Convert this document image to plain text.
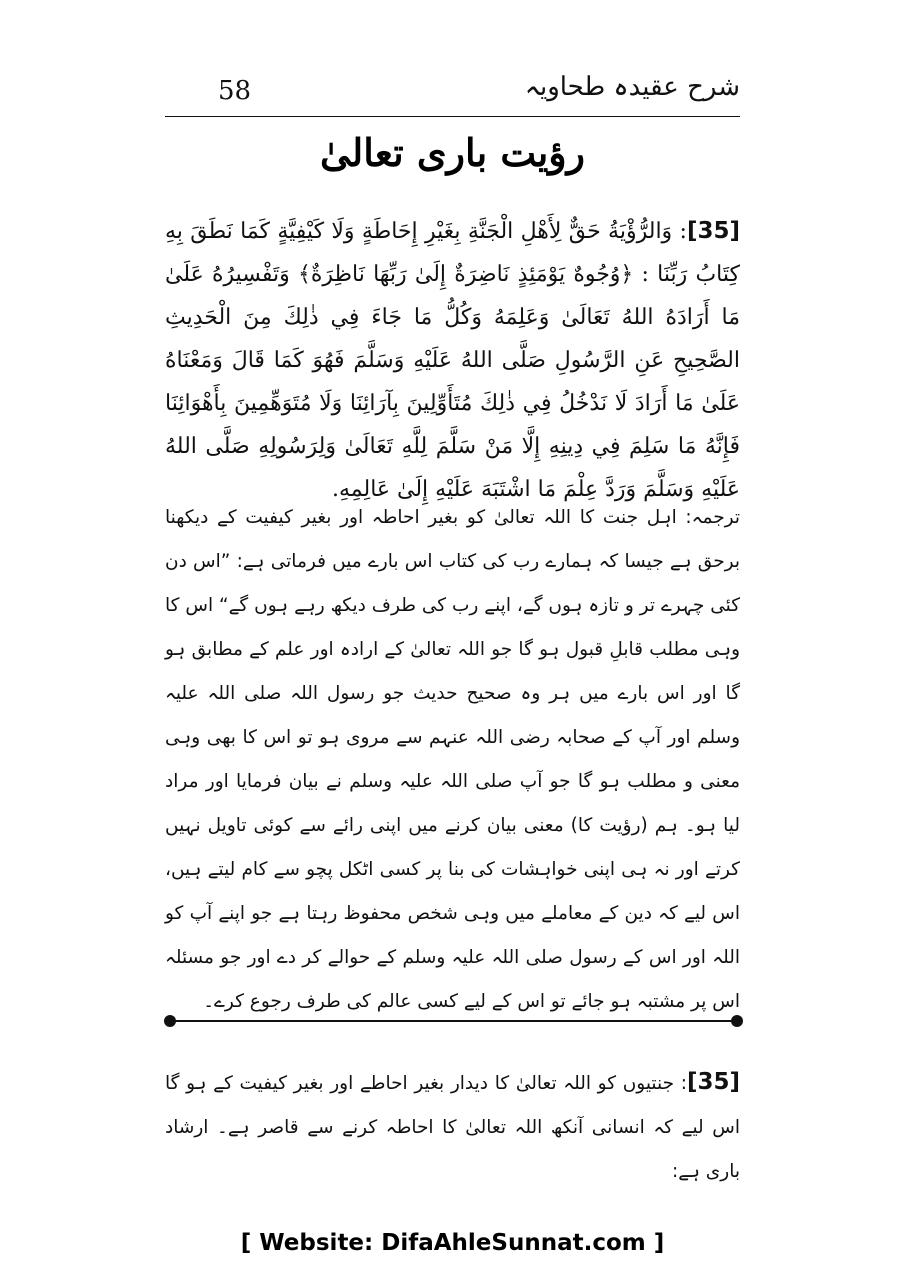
58	شرح عقیدہ طحاویہ
رؤیت باری تعالیٰ
[35]: وَالرُّؤْيَةُ حَقٌّ لِأَهْلِ الْجَنَّةِ بِغَيْرِ إِحَاطَةٍ وَلَا كَيْفِيَّةٍ كَمَا نَطَقَ بِهِ كِتَابُ رَبِّنَا : ﴿وُجُوهٌ يَوْمَئِذٍ نَاضِرَةٌ إِلَىٰ رَبِّهَا نَاظِرَةٌ﴾ وَتَفْسِيرُهُ عَلَىٰ مَا أَرَادَهُ اللهُ تَعَالَىٰ وَعَلِمَهُ وَكُلُّ مَا جَاءَ فِي ذٰلِكَ مِنَ الْحَدِيثِ الصَّحِيحِ عَنِ الرَّسُولِ صَلَّى اللهُ عَلَيْهِ وَسَلَّمَ فَهُوَ كَمَا قَالَ وَمَعْنَاهُ عَلَىٰ مَا أَرَادَ لَا نَدْخُلُ فِي ذٰلِكَ مُتَأَوِّلِينَ بِآرَائِنَا وَلَا مُتَوَهِّمِينَ بِأَهْوَائِنَا فَإِنَّهُ مَا سَلِمَ فِي دِينِهِ إِلَّا مَنْ سَلَّمَ لِلَّهِ تَعَالَىٰ وَلِرَسُولِهِ صَلَّى اللهُ عَلَيْهِ وَسَلَّمَ وَرَدَّ عِلْمَ مَا اشْتَبَهَ عَلَيْهِ إِلَىٰ عَالِمِهِ.
ترجمہ: اہل جنت کا اللہ تعالیٰ کو بغیر احاطہ اور بغیر کیفیت کے دیکھنا برحق ہے جیسا کہ ہمارے رب کی کتاب اس بارے میں فرماتی ہے: ”اس دن کئی چہرے تر و تازہ ہوں گے، اپنے رب کی طرف دیکھ رہے ہوں گے“ اس کا وہی مطلب قابلِ قبول ہو گا جو اللہ تعالیٰ کے ارادہ اور علم کے مطابق ہو گا اور اس بارے میں ہر وہ صحیح حدیث جو رسول اللہ صلی اللہ علیہ وسلم اور آپ کے صحابہ رضی اللہ عنہم سے مروی ہو تو اس کا بھی وہی معنی و مطلب ہو گا جو آپ صلی اللہ علیہ وسلم نے بیان فرمایا اور مراد لیا ہو۔ ہم (رؤیت کا) معنی بیان کرنے میں اپنی رائے سے کوئی تاویل نہیں کرتے اور نہ ہی اپنی خواہشات کی بنا پر کسی اٹکل پچو سے کام لیتے ہیں، اس لیے کہ دین کے معاملے میں وہی شخص محفوظ رہتا ہے جو اپنے آپ کو اللہ اور اس کے رسول صلی اللہ علیہ وسلم کے حوالے کر دے اور جو مسئلہ اس پر مشتبہ ہو جائے تو اس کے لیے کسی عالم کی طرف رجوع کرے۔
[35]: جنتیوں کو اللہ تعالیٰ کا دیدار بغیر احاطے اور بغیر کیفیت کے ہو گا اس لیے کہ انسانی آنکھ اللہ تعالیٰ کا احاطہ کرنے سے قاصر ہے۔ ارشاد باری ہے:
[ Website: DifaAhleSunnat.com ]
